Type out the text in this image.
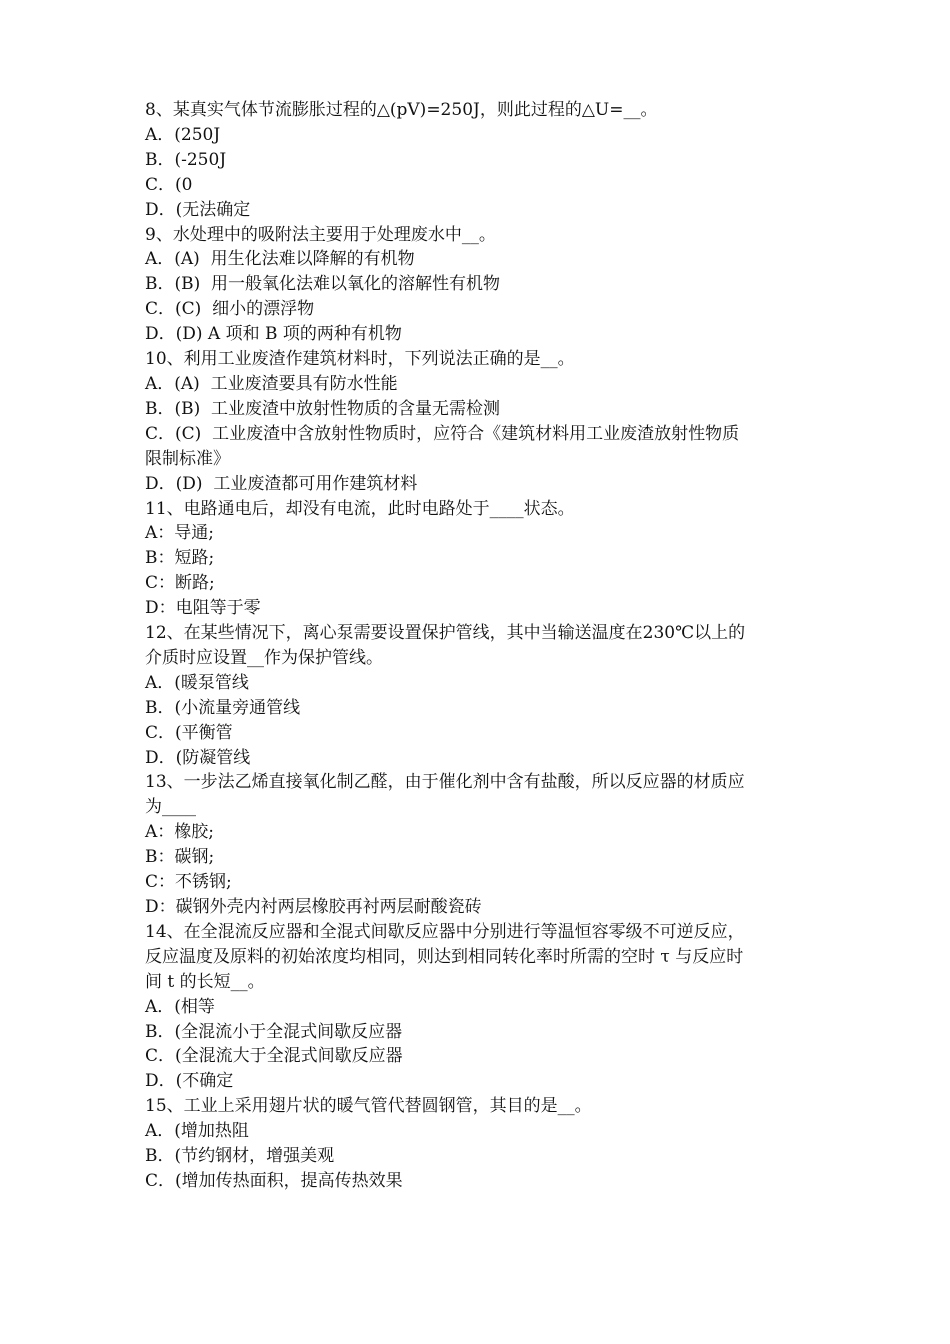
8、某真实气体节流膨胀过程的△(pV)=250J，则此过程的△U=__。

A．(250J

B．(-250J

C．(0

D．(无法确定

9、水处理中的吸附法主要用于处理废水中__。

A．(A)  用生化法难以降解的有机物

B．(B)  用一般氧化法难以氧化的溶解性有机物

C．(C)  细小的漂浮物

D．(D) A 项和 B 项的两种有机物

10、利用工业废渣作建筑材料时，下列说法正确的是__。

A．(A)  工业废渣要具有防水性能

B．(B)  工业废渣中放射性物质的含量无需检测

C．(C)  工业废渣中含放射性物质时，应符合《建筑材料用工业废渣放射性物质

限制标准》

D．(D)  工业废渣都可用作建筑材料

11、电路通电后，却没有电流，此时电路处于____状态。

A：导通;

B：短路;

C：断路;

D：电阻等于零

12、在某些情况下，离心泵需要设置保护管线，其中当输送温度在230℃以上的

介质时应设置__作为保护管线。

A．(暖泵管线

B．(小流量旁通管线

C．(平衡管

D．(防凝管线

13、一步法乙烯直接氧化制乙醛，由于催化剂中含有盐酸，所以反应器的材质应

为____

A：橡胶;

B：碳钢;

C：不锈钢;

D：碳钢外壳内衬两层橡胶再衬两层耐酸瓷砖

14、在全混流反应器和全混式间歇反应器中分别进行等温恒容零级不可逆反应，

反应温度及原料的初始浓度均相同，则达到相同转化率时所需的空时 τ 与反应时

间 t 的长短__。

A．(相等

B．(全混流小于全混式间歇反应器

C．(全混流大于全混式间歇反应器

D．(不确定

15、工业上采用翅片状的暖气管代替圆钢管，其目的是__。

A．(增加热阻

B．(节约钢材，增强美观

C．(增加传热面积，提高传热效果
